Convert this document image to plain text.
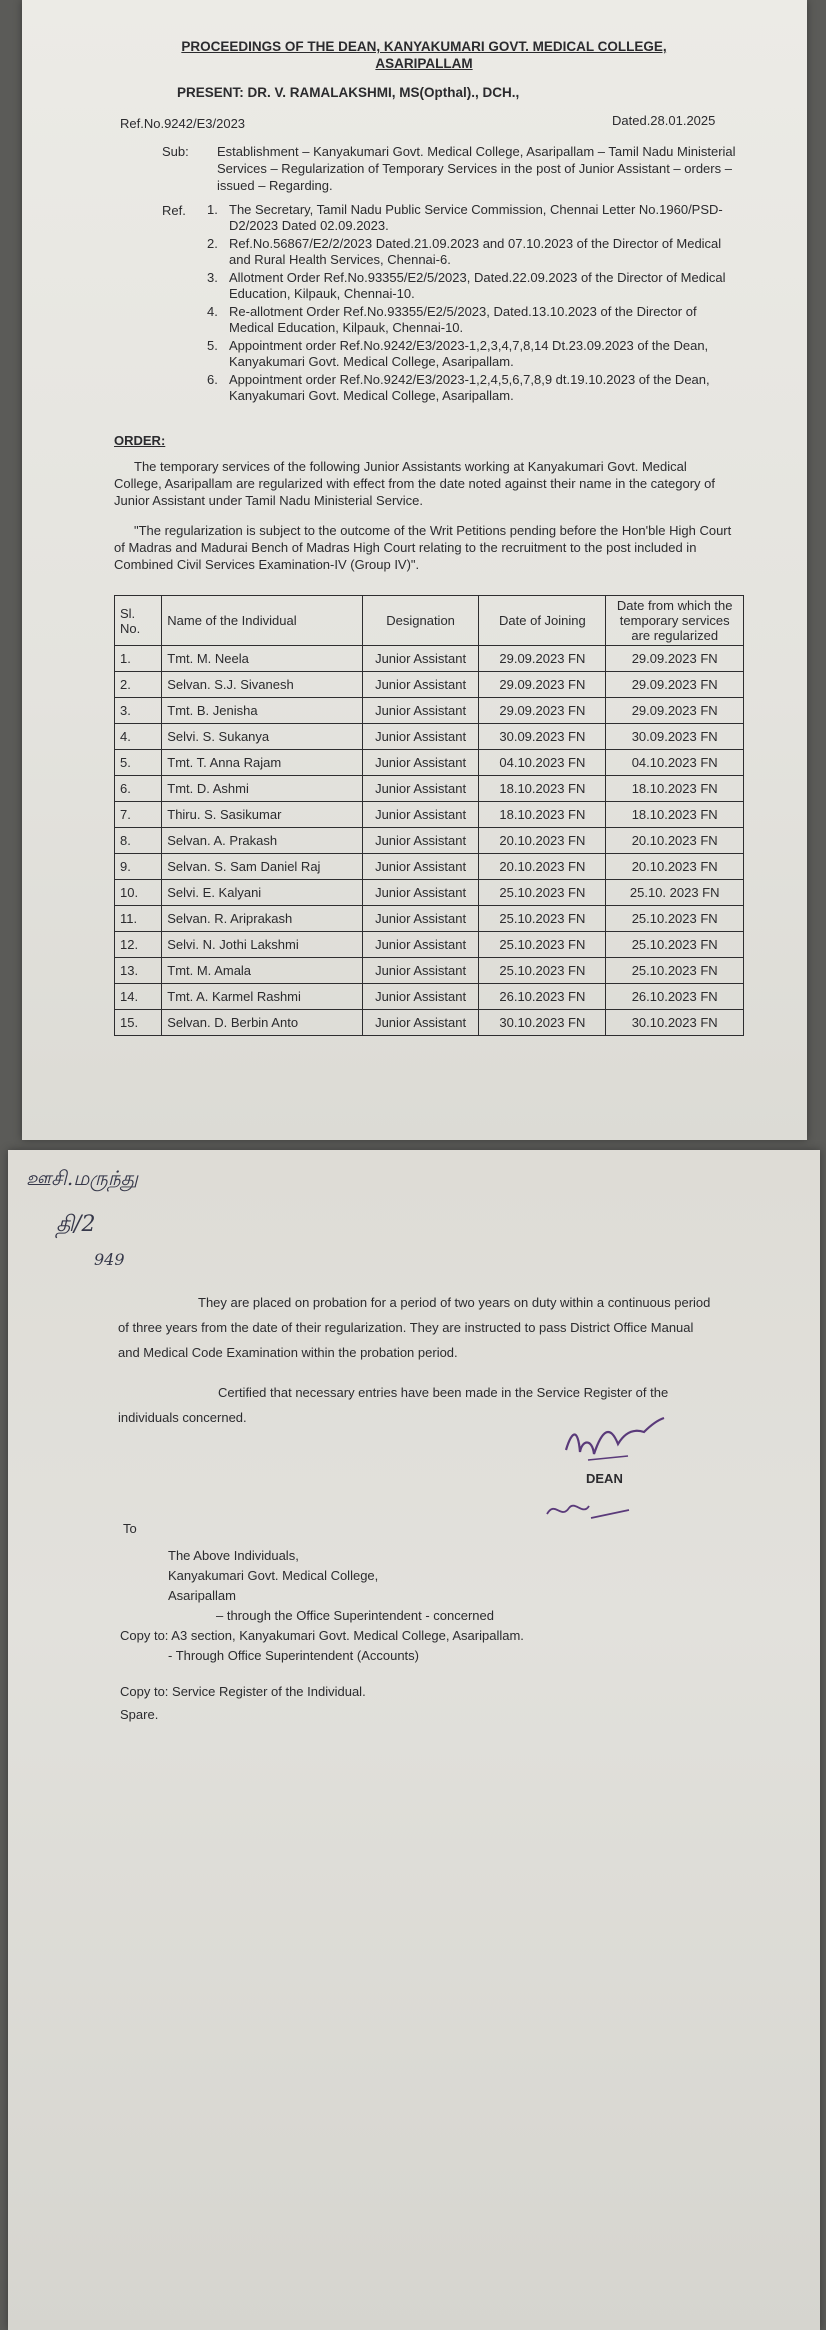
PROCEEDINGS OF THE DEAN, KANYAKUMARI GOVT. MEDICAL COLLEGE, ASARIPALLAM
PRESENT: DR. V. RAMALAKSHMI, MS(Opthal)., DCH.,
Ref.No.9242/E3/2023	Dated.28.01.2025
Sub: Establishment – Kanyakumari Govt. Medical College, Asaripallam – Tamil Nadu Ministerial Services – Regularization of Temporary Services in the post of Junior Assistant – orders – issued – Regarding.
Ref. 1. The Secretary, Tamil Nadu Public Service Commission, Chennai Letter No.1960/PSD-D2/2023 Dated 02.09.2023.
2. Ref.No.56867/E2/2/2023 Dated.21.09.2023 and 07.10.2023 of the Director of Medical and Rural Health Services, Chennai-6.
3. Allotment Order Ref.No.93355/E2/5/2023, Dated.22.09.2023 of the Director of Medical Education, Kilpauk, Chennai-10.
4. Re-allotment Order Ref.No.93355/E2/5/2023, Dated.13.10.2023 of the Director of Medical Education, Kilpauk, Chennai-10.
5. Appointment order Ref.No.9242/E3/2023-1,2,3,4,7,8,14 Dt.23.09.2023 of the Dean, Kanyakumari Govt. Medical College, Asaripallam.
6. Appointment order Ref.No.9242/E3/2023-1,2,4,5,6,7,8,9 dt.19.10.2023 of the Dean, Kanyakumari Govt. Medical College, Asaripallam.
ORDER:
The temporary services of the following Junior Assistants working at Kanyakumari Govt. Medical College, Asaripallam are regularized with effect from the date noted against their name in the category of Junior Assistant under Tamil Nadu Ministerial Service.
"The regularization is subject to the outcome of the Writ Petitions pending before the Hon'ble High Court of Madras and Madurai Bench of Madras High Court relating to the recruitment to the post included in Combined Civil Services Examination-IV (Group IV)".
Sl. No.	Name of the Individual	Designation	Date of Joining	Date from which the temporary services are regularized
1.	Tmt. M. Neela	Junior Assistant	29.09.2023 FN	29.09.2023 FN
2.	Selvan. S.J. Sivanesh	Junior Assistant	29.09.2023 FN	29.09.2023 FN
3.	Tmt. B. Jenisha	Junior Assistant	29.09.2023 FN	29.09.2023 FN
4.	Selvi. S. Sukanya	Junior Assistant	30.09.2023 FN	30.09.2023 FN
5.	Tmt. T. Anna Rajam	Junior Assistant	04.10.2023 FN	04.10.2023 FN
6.	Tmt. D. Ashmi	Junior Assistant	18.10.2023 FN	18.10.2023 FN
7.	Thiru. S. Sasikumar	Junior Assistant	18.10.2023 FN	18.10.2023 FN
8.	Selvan. A. Prakash	Junior Assistant	20.10.2023 FN	20.10.2023 FN
9.	Selvan. S. Sam Daniel Raj	Junior Assistant	20.10.2023 FN	20.10.2023 FN
10.	Selvi. E. Kalyani	Junior Assistant	25.10.2023 FN	25.10. 2023 FN
11.	Selvan. R. Ariprakash	Junior Assistant	25.10.2023 FN	25.10.2023 FN
12.	Selvi. N. Jothi Lakshmi	Junior Assistant	25.10.2023 FN	25.10.2023 FN
13.	Tmt. M. Amala	Junior Assistant	25.10.2023 FN	25.10.2023 FN
14.	Tmt. A. Karmel Rashmi	Junior Assistant	26.10.2023 FN	26.10.2023 FN
15.	Selvan. D. Berbin Anto	Junior Assistant	30.10.2023 FN	30.10.2023 FN
ஊசி.மருந்து
தி/2
949
They are placed on probation for a period of two years on duty within a continuous period of three years from the date of their regularization. They are instructed to pass District Office Manual and Medical Code Examination within the probation period.
Certified that necessary entries have been made in the Service Register of the individuals concerned.
DEAN
To
The Above Individuals,
Kanyakumari Govt. Medical College,
Asaripallam
– through the Office Superintendent - concerned
Copy to: A3 section, Kanyakumari Govt. Medical College, Asaripallam.
- Through Office Superintendent (Accounts)
Copy to: Service Register of the Individual.
Spare.
